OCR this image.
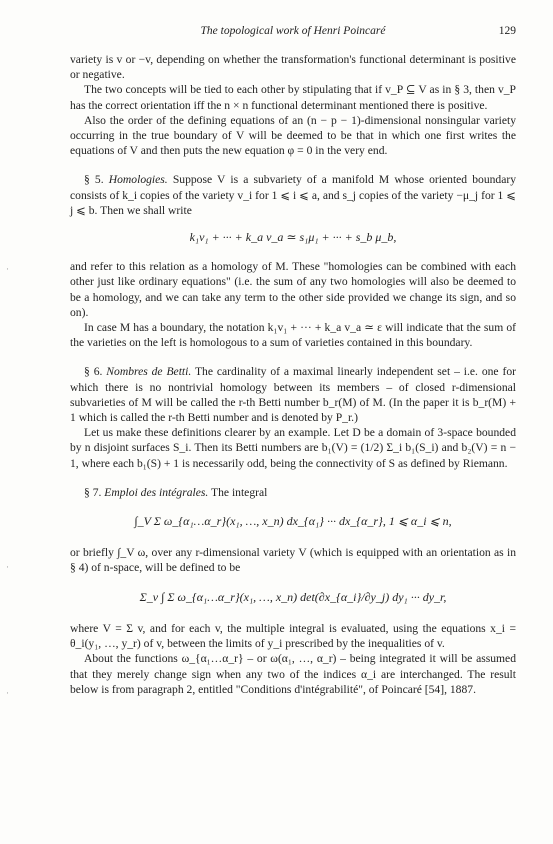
The topological work of Henri Poincaré	129
·
·
·

variety is v or −v, depending on whether the transformation's functional determinant is positive or negative.

The two concepts will be tied to each other by stipulating that if v_P ⊆ V as in § 3, then v_P has the correct orientation iff the n × n functional determinant mentioned there is positive.

Also the order of the defining equations of an (n − p − 1)-dimensional nonsingular variety occurring in the true boundary of V will be deemed to be that in which one first writes the equations of V and then puts the new equation φ = 0 in the very end.

§ 5. Homologies. Suppose V is a subvariety of a manifold M whose oriented boundary consists of k_i copies of the variety v_i for 1 ⩽ i ⩽ a, and s_j copies of the variety −μ_j for 1 ⩽ j ⩽ b. Then we shall write

k₁v₁ + ··· + k_a v_a ≃ s₁μ₁ + ··· + s_b μ_b,

and refer to this relation as a homology of M. These "homologies can be combined with each other just like ordinary equations" (i.e. the sum of any two homologies will also be deemed to be a homology, and we can take any term to the other side provided we change its sign, and so on).

In case M has a boundary, the notation k₁v₁ + ··· + k_a v_a ≃ ε will indicate that the sum of the varieties on the left is homologous to a sum of varieties contained in this boundary.

§ 6. Nombres de Betti. The cardinality of a maximal linearly independent set – i.e. one for which there is no nontrivial homology between its members – of closed r-dimensional subvarieties of M will be called the r-th Betti number b_r(M) of M. (In the paper it is b_r(M) + 1 which is called the r-th Betti number and is denoted by P_r.)

Let us make these definitions clearer by an example. Let D be a domain of 3-space bounded by n disjoint surfaces S_i. Then its Betti numbers are b₁(V) = (1/2) Σ_i b₁(S_i) and b₂(V) = n − 1, where each b₁(S) + 1 is necessarily odd, being the connectivity of S as defined by Riemann.

§ 7. Emploi des intégrales. The integral

∫_V Σ ω_{α₁…α_r}(x₁, …, x_n) dx_{α₁} ··· dx_{α_r}, 1 ⩽ α_i ⩽ n,

or briefly ∫_V ω, over any r-dimensional variety V (which is equipped with an orientation as in § 4) of n-space, will be defined to be

Σ_v ∫ Σ ω_{α₁…α_r}(x₁, …, x_n) det(∂x_{α_i}/∂y_j) dy₁ ··· dy_r,

where V = Σ v, and for each v, the multiple integral is evaluated, using the equations x_i = θ_i(y₁, …, y_r) of v, between the limits of y_i prescribed by the inequalities of v.

About the functions ω_{α₁…α_r} – or ω(α₁, …, α_r) – being integrated it will be assumed that they merely change sign when any two of the indices α_i are interchanged. The result below is from paragraph 2, entitled "Conditions d'intégrabilité", of Poincaré [54], 1887.
